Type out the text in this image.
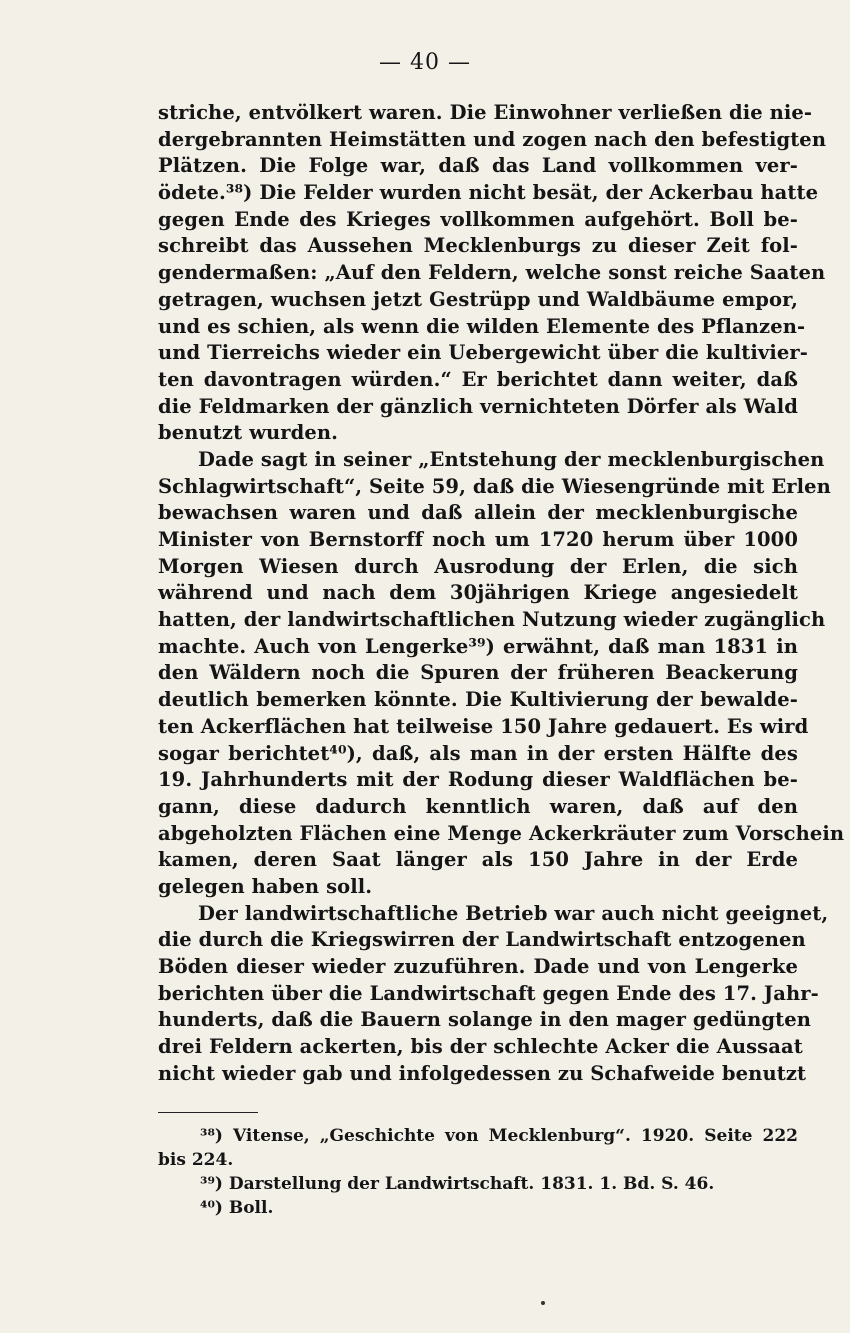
— 40 —
striche, entvölkert waren. Die Einwohner verließen die nie-
dergebrannten Heimstätten und zogen nach den befestigten
Plätzen. Die Folge war, daß das Land vollkommen ver-
ödete.³⁸) Die Felder wurden nicht besät, der Ackerbau hatte
gegen Ende des Krieges vollkommen aufgehört. Boll be-
schreibt das Aussehen Mecklenburgs zu dieser Zeit fol-
gendermaßen: „Auf den Feldern, welche sonst reiche Saaten
getragen, wuchsen jetzt Gestrüpp und Waldbäume empor,
und es schien, als wenn die wilden Elemente des Pflanzen-
und Tierreichs wieder ein Uebergewicht über die kultivier-
ten davontragen würden.“ Er berichtet dann weiter, daß
die Feldmarken der gänzlich vernichteten Dörfer als Wald
benutzt wurden.
Dade sagt in seiner „Entstehung der mecklenburgischen
Schlagwirtschaft“, Seite 59, daß die Wiesengründe mit Erlen
bewachsen waren und daß allein der mecklenburgische
Minister von Bernstorff noch um 1720 herum über 1000
Morgen Wiesen durch Ausrodung der Erlen, die sich
während und nach dem 30jährigen Kriege angesiedelt
hatten, der landwirtschaftlichen Nutzung wieder zugänglich
machte. Auch von Lengerke³⁹) erwähnt, daß man 1831 in
den Wäldern noch die Spuren der früheren Beackerung
deutlich bemerken könnte. Die Kultivierung der bewalde-
ten Ackerflächen hat teilweise 150 Jahre gedauert. Es wird
sogar berichtet⁴⁰), daß, als man in der ersten Hälfte des
19. Jahrhunderts mit der Rodung dieser Waldflächen be-
gann, diese dadurch kenntlich waren, daß auf den
abgeholzten Flächen eine Menge Ackerkräuter zum Vorschein
kamen, deren Saat länger als 150 Jahre in der Erde
gelegen haben soll.
Der landwirtschaftliche Betrieb war auch nicht geeignet,
die durch die Kriegswirren der Landwirtschaft entzogenen
Böden dieser wieder zuzuführen. Dade und von Lengerke
berichten über die Landwirtschaft gegen Ende des 17. Jahr-
hunderts, daß die Bauern solange in den mager gedüngten
drei Feldern ackerten, bis der schlechte Acker die Aussaat
nicht wieder gab und infolgedessen zu Schafweide benutzt
³⁸) Vitense, „Geschichte von Mecklenburg“. 1920. Seite 222
bis 224.
³⁹) Darstellung der Landwirtschaft. 1831. 1. Bd. S. 46.
⁴⁰) Boll.
